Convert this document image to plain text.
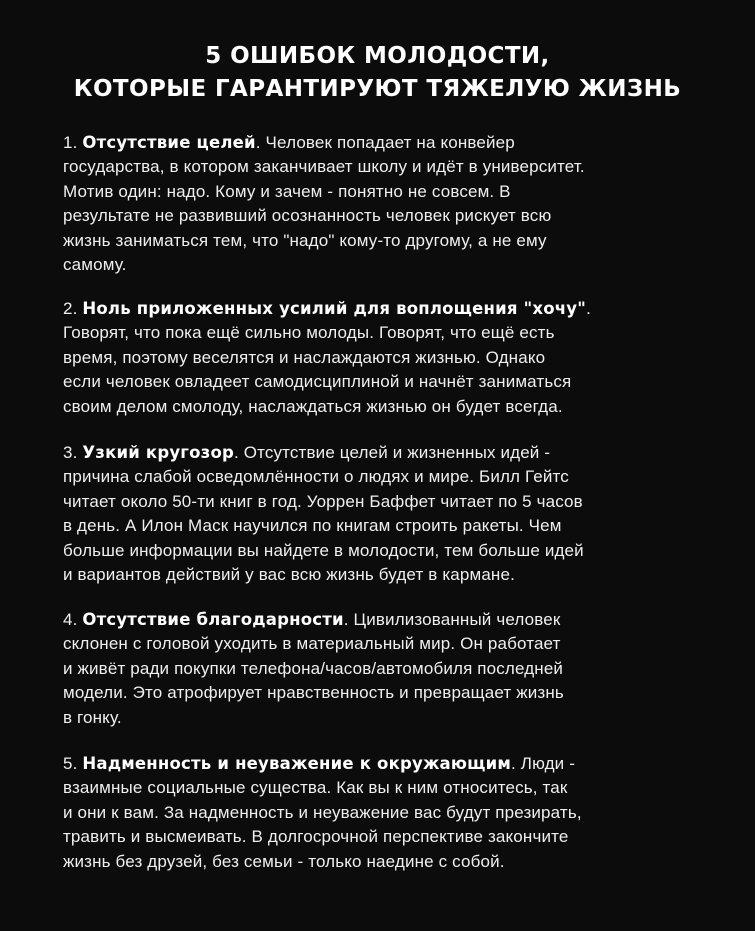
5 ОШИБОК МОЛОДОСТИ,
КОТОРЫЕ ГАРАНТИРУЮТ ТЯЖЕЛУЮ ЖИЗНЬ
1. Отсутствие целей. Человек попадает на конвейер
государства, в котором заканчивает школу и идёт в университет.
Мотив один: надо. Кому и зачем - понятно не совсем. В
результате не развивший осознанность человек рискует всю
жизнь заниматься тем, что "надо" кому-то другому, а не ему
самому.
2. Ноль приложенных усилий для воплощения "хочу".
Говорят, что пока ещё сильно молоды. Говорят, что ещё есть
время, поэтому веселятся и наслаждаются жизнью. Однако
если человек овладеет самодисциплиной и начнёт заниматься
своим делом смолоду, наслаждаться жизнью он будет всегда.
3. Узкий кругозор. Отсутствие целей и жизненных идей -
причина слабой осведомлённости о людях и мире. Билл Гейтс
читает около 50-ти книг в год. Уоррен Баффет читает по 5 часов
в день. А Илон Маск научился по книгам строить ракеты. Чем
больше информации вы найдете в молодости, тем больше идей
и вариантов действий у вас всю жизнь будет в кармане.
4. Отсутствие благодарности. Цивилизованный человек
склонен с головой уходить в материальный мир. Он работает
и живёт ради покупки телефона/часов/автомобиля последней
модели. Это атрофирует нравственность и превращает жизнь
в гонку.
5. Надменность и неуважение к окружающим. Люди -
взаимные социальные существа. Как вы к ним относитесь, так
и они к вам. За надменность и неуважение вас будут презирать,
травить и высмеивать. В долгосрочной перспективе закончите
жизнь без друзей, без семьи - только наедине с собой.
